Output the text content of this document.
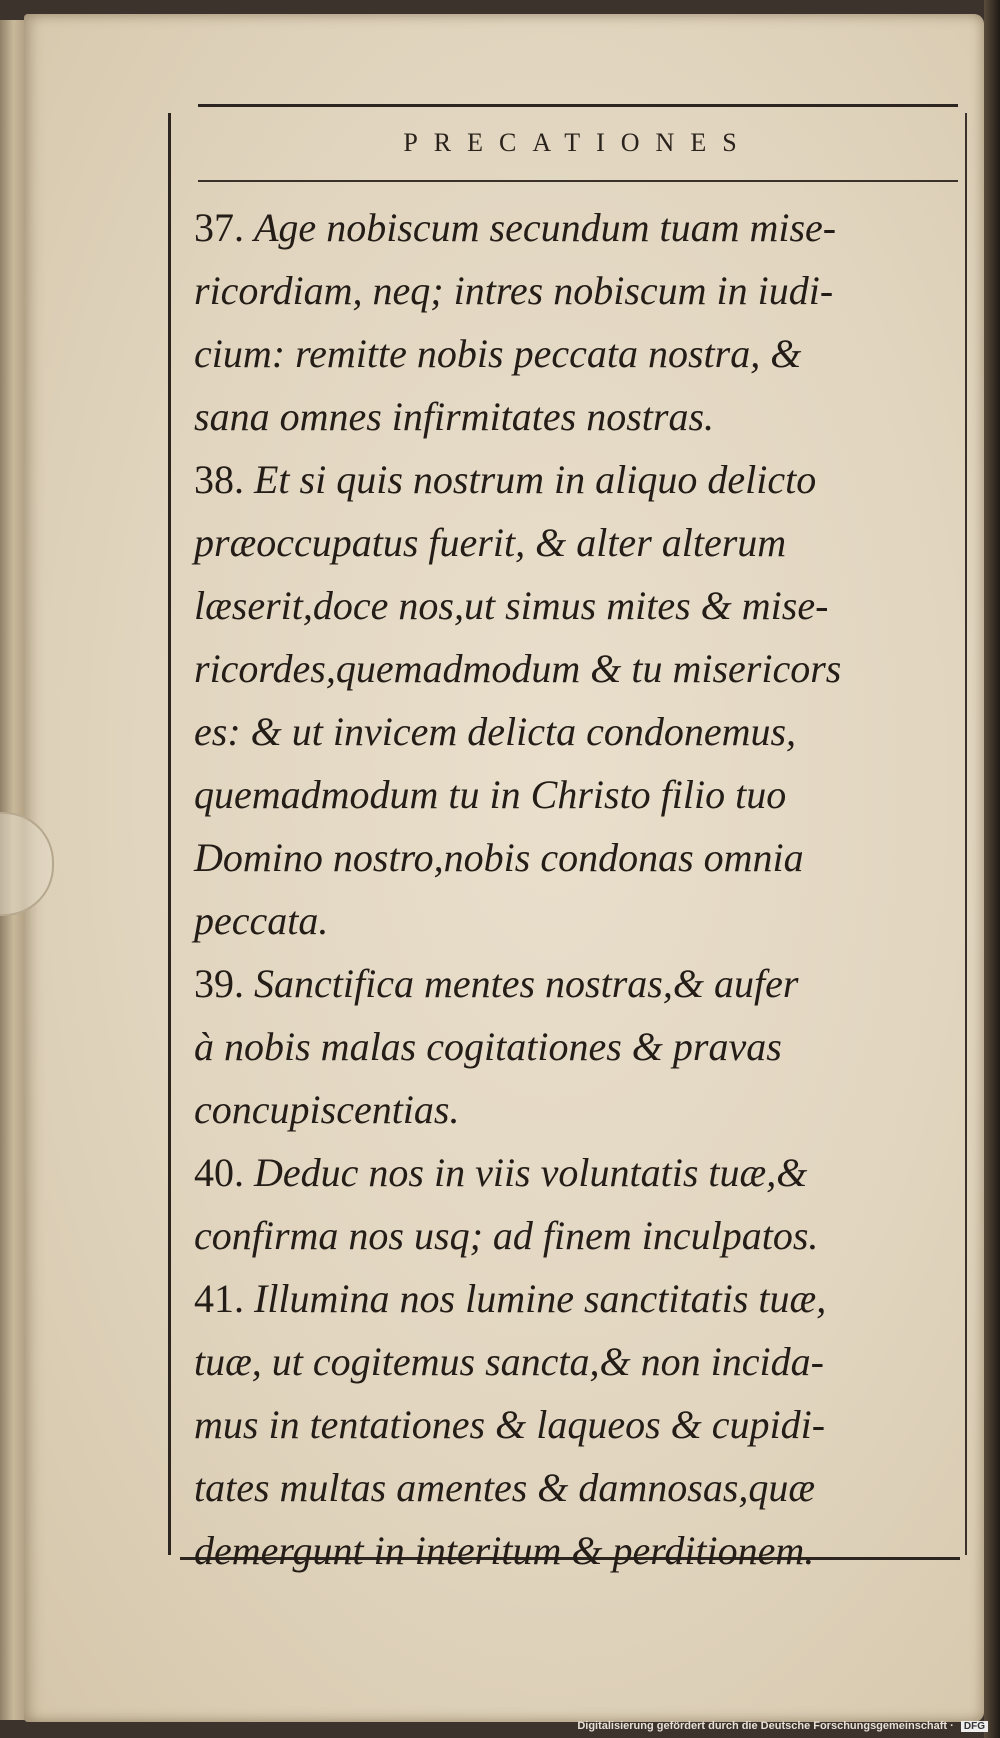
PRECATIONES
37. Age nobiscum secundum tuam mise-
ricordiam, neq; intres nobiscum in iudi-
cium: remitte nobis peccata nostra, &
sana omnes infirmitates nostras.
38. Et si quis nostrum in aliquo delicto
præoccupatus fuerit, & alter alterum
læserit,doce nos,ut simus mites & mise-
ricordes,quemadmodum & tu misericors
es: & ut invicem delicta condonemus,
quemadmodum tu in Christo filio tuo
Domino nostro,nobis condonas omnia
peccata.
39. Sanctifica mentes nostras,& aufer
à nobis malas cogitationes & pravas
concupiscentias.
40. Deduc nos in viis voluntatis tuæ,&
confirma nos usq; ad finem inculpatos.
41. Illumina nos lumine sanctitatis tuæ,
tuæ, ut cogitemus sancta,& non incida-
mus in tentationes & laqueos & cupidi-
tates multas amentes & damnosas,quæ
demergunt in interitum & perditionem.
Digitalisierung gefördert durch die Deutsche Forschungsgemeinschaft · DFG
